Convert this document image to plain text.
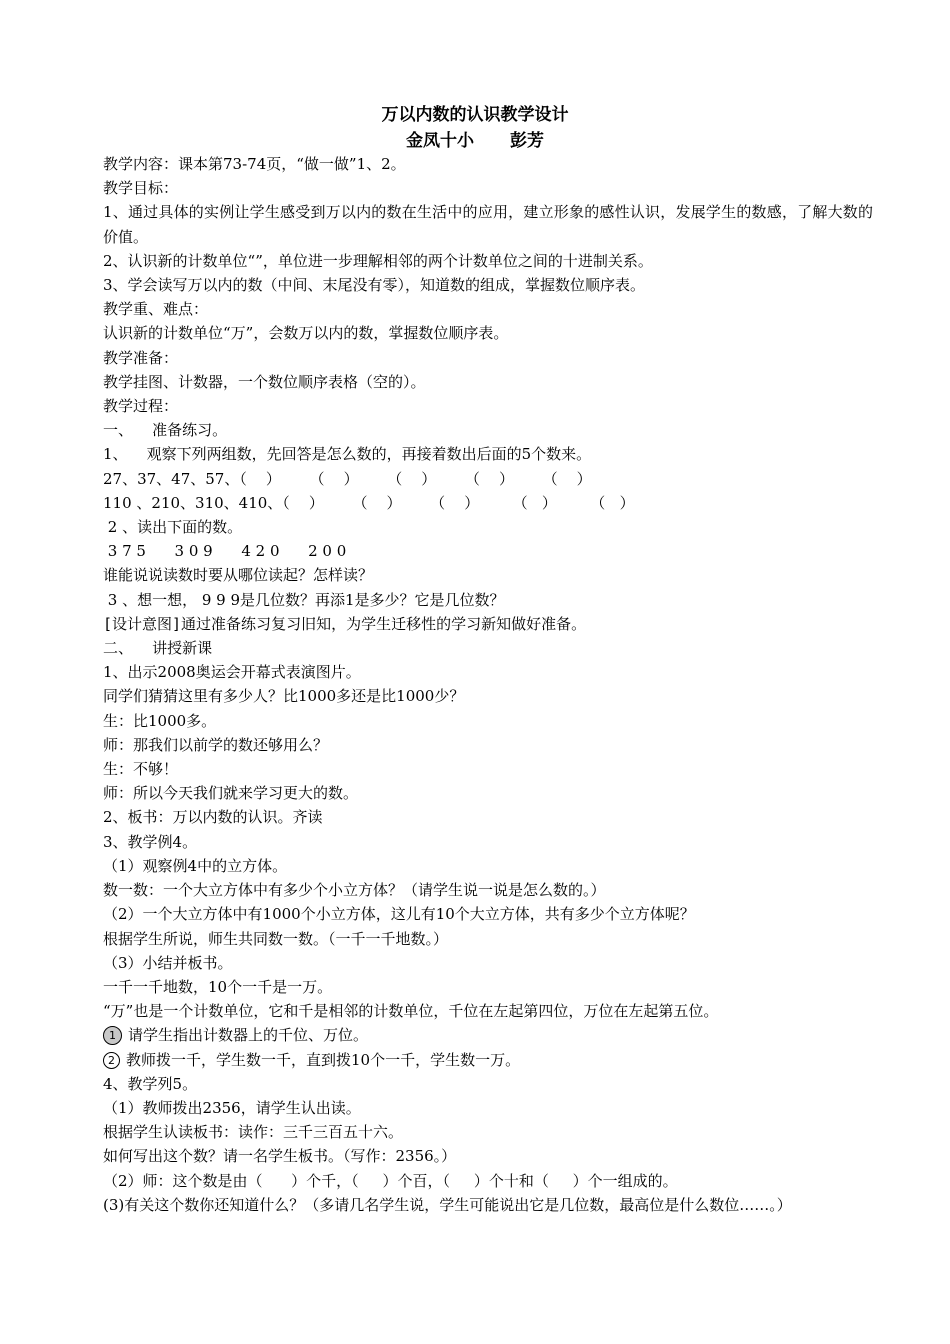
万以内数的认识教学设计
金凤十小 彭芳

教学内容：课本第73-74页，“做一做”1、2。

教学目标：

1、通过具体的实例让学生感受到万以内的数在生活中的应用，建立形象的感性认识，发展学生的数感，了解大数的价值。

2、认识新的计数单位“”，单位进一步理解相邻的两个计数单位之间的十进制关系。

3、学会读写万以内的数（中间、末尾没有零），知道数的组成，掌握数位顺序表。

教学重、难点：

认识新的计数单位“万”，会数万以内的数，掌握数位顺序表。

教学准备：

教学挂图、计数器，一个数位顺序表格（空的）。

教学过程：

一、    准备练习。

1、    观察下列两组数，先回答是怎么数的，再接着数出后面的5个数来。

27、37、47、57、（    ）      （    ）      （    ）      （    ）      （    ）

110 、210、310、410、（    ）      （    ）      （    ）       （   ）       （   ）

2 、读出下面的数。

3 7 5      3 0 9      4 2 0      2 0 0

谁能说说读数时要从哪位读起？怎样读？

3 、想一想， 9 9 9是几位数？再添1是多少？它是几位数？

[设计意图]通过准备练习复习旧知，为学生迁移性的学习新知做好准备。

二、    讲授新课

1、出示2008奥运会开幕式表演图片。

同学们猜猜这里有多少人？比1000多还是比1000少？

生：比1000多。

师：那我们以前学的数还够用么？

生：不够！

师：所以今天我们就来学习更大的数。

2、板书：万以内数的认识。齐读

3、教学例4。

（1）观察例4中的立方体。

数一数：一个大立方体中有多少个小立方体？（请学生说一说是怎么数的。）

（2）一个大立方体中有1000个小立方体，这儿有10个大立方体，共有多少个立方体呢？

根据学生所说，师生共同数一数。（一千一千地数。）

（3）小结并板书。

一千一千地数，10个一千是一万。

“万”也是一个计数单位，它和千是相邻的计数单位，千位在左起第四位，万位在左起第五位。

1 请学生指出计数器上的千位、万位。

2 教师拨一千，学生数一千，直到拨10个一千，学生数一万。

4、教学列5。

（1）教师拨出2356，请学生认出读。

根据学生认读板书：读作：三千三百五十六。

如何写出这个数？请一名学生板书。（写作：2356。）

（2）师：这个数是由（      ）个千，（     ）个百，（     ）个十和（     ）个一组成的。

(3)有关这个数你还知道什么？（多请几名学生说，学生可能说出它是几位数，最高位是什么数位……。）
